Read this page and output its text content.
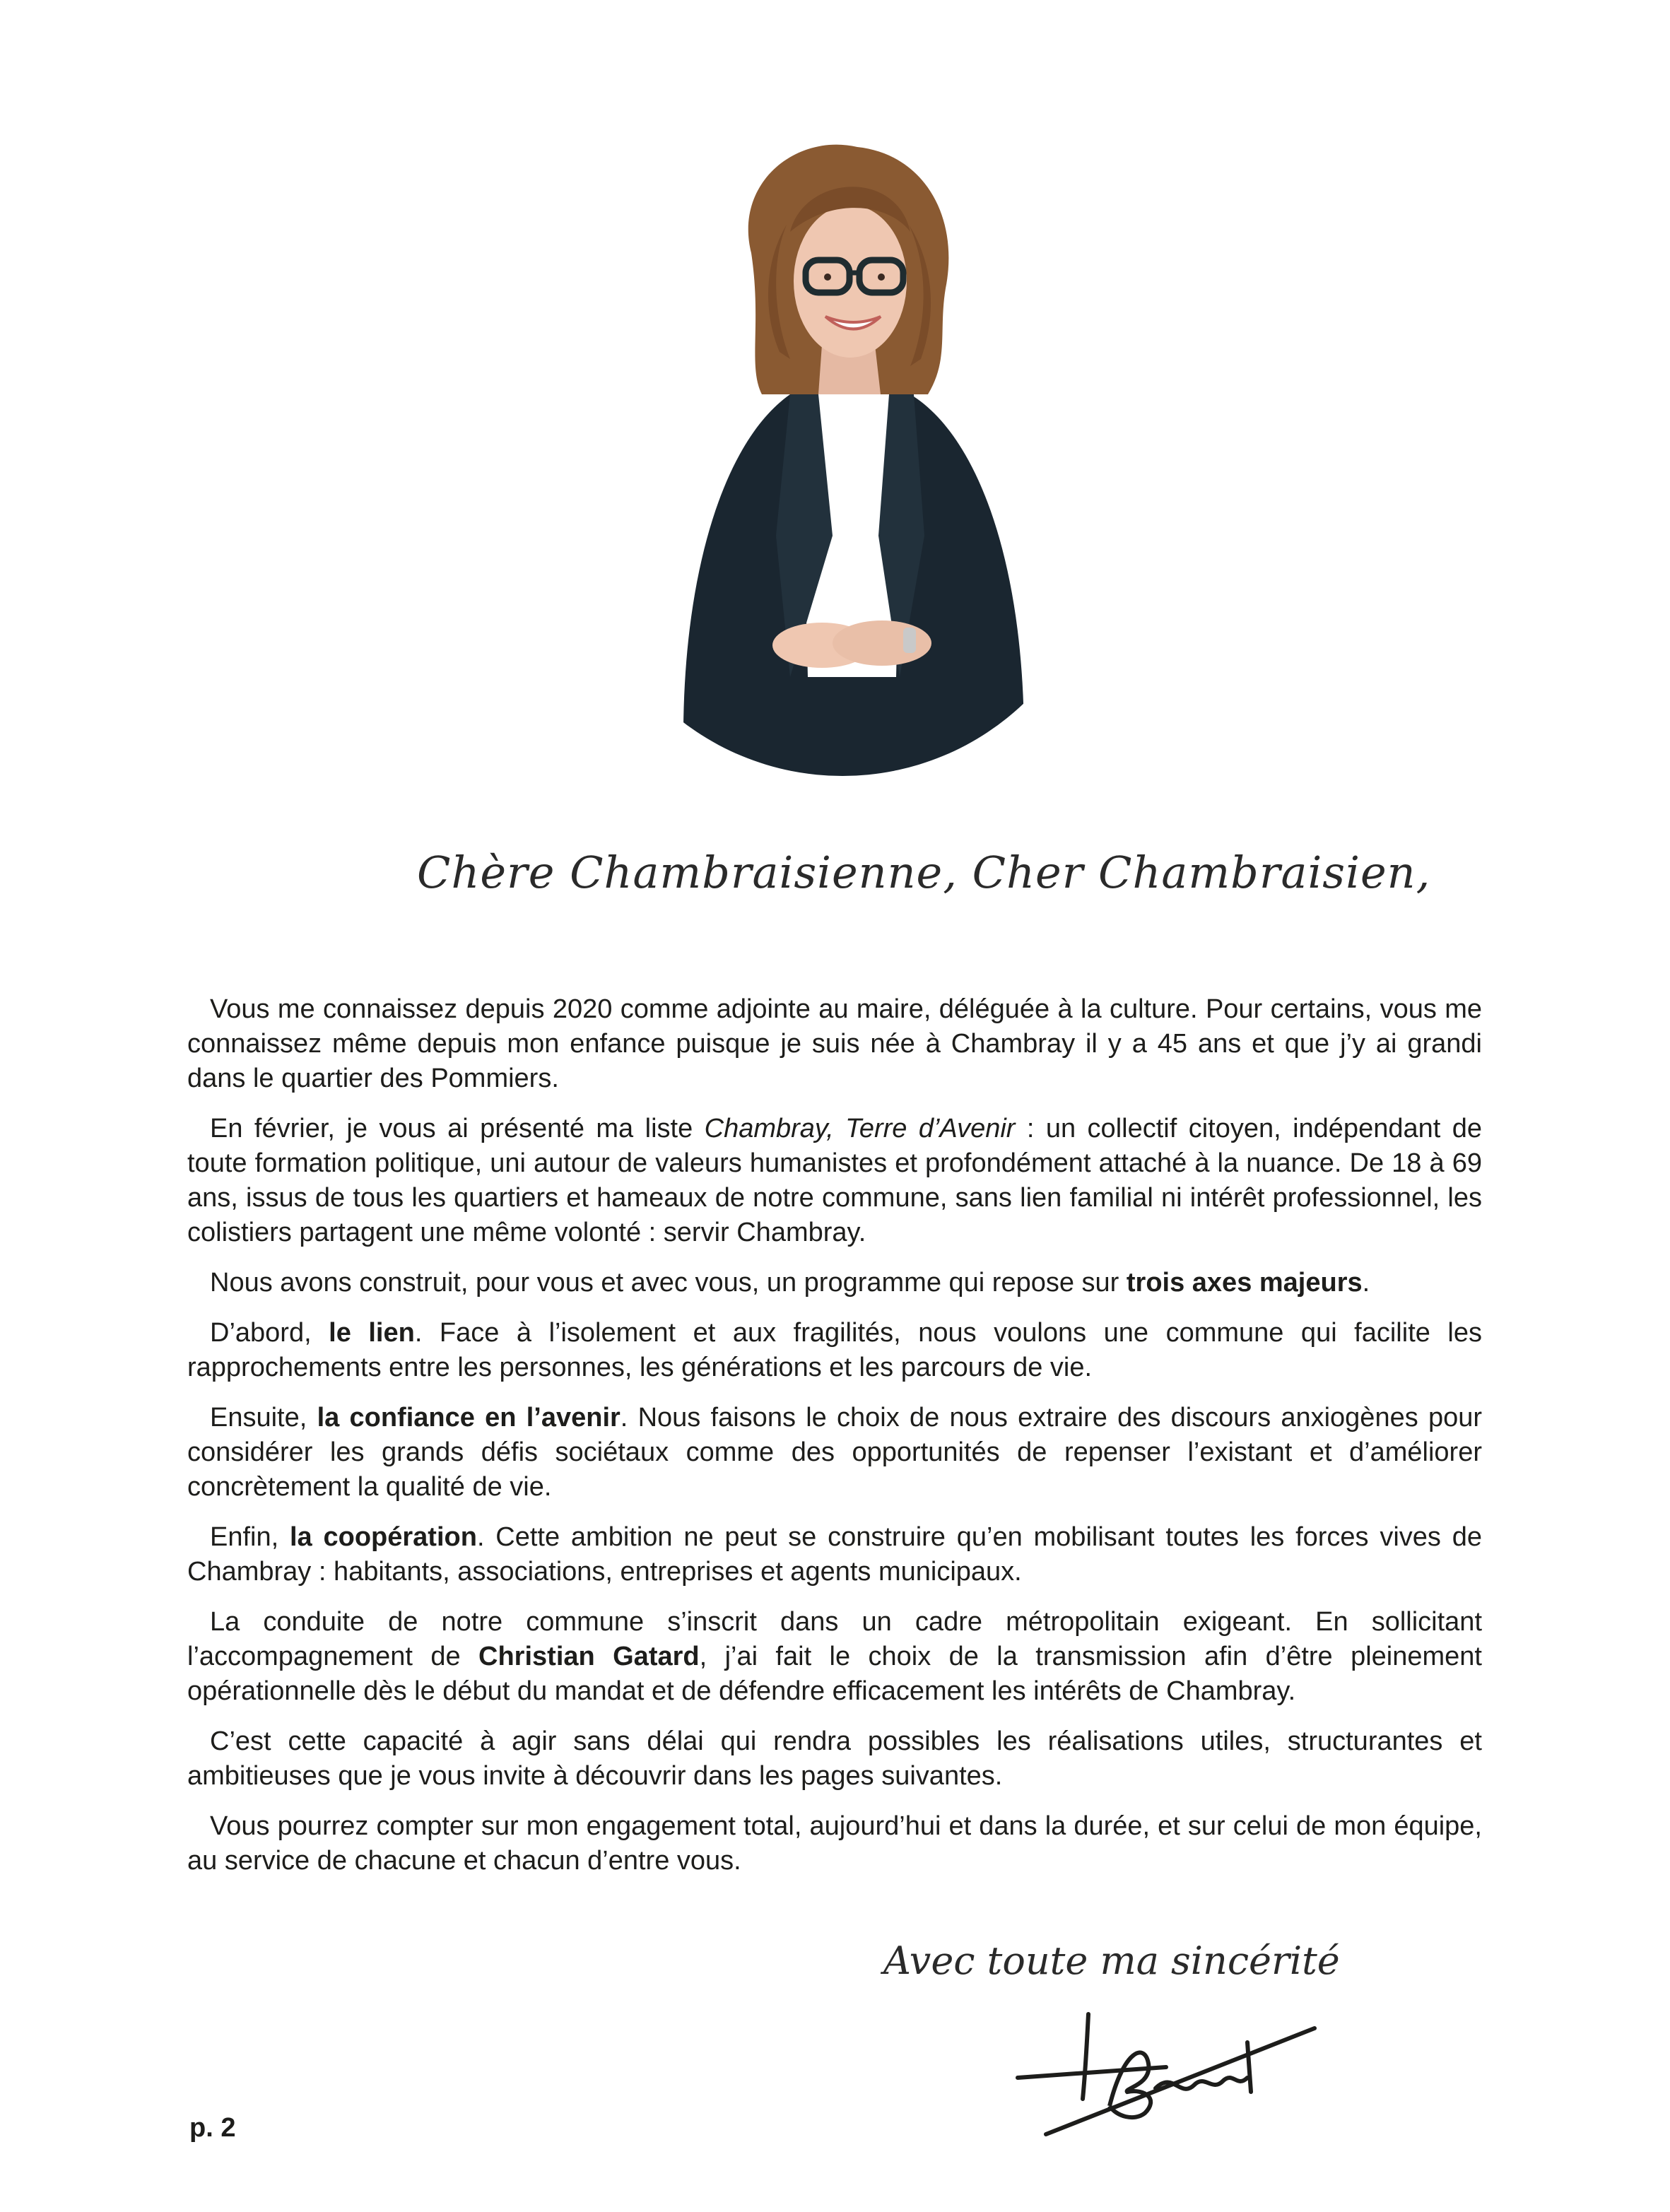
Chère Chambraisienne, Cher Chambraisien,

Vous me connaissez depuis 2020 comme adjointe au maire, déléguée à la culture. Pour certains, vous me connaissez même depuis mon enfance puisque je suis née à Chambray il y a 45 ans et que j’y ai grandi dans le quartier des Pommiers.

En février, je vous ai présenté ma liste Chambray, Terre d’Avenir : un collectif citoyen, indépendant de toute formation politique, uni autour de valeurs humanistes et profondément attaché à la nuance. De 18 à 69 ans, issus de tous les quartiers et hameaux de notre commune, sans lien familial ni intérêt professionnel, les colistiers partagent une même volonté : servir Chambray.

Nous avons construit, pour vous et avec vous, un programme qui repose sur trois axes majeurs.

D’abord, le lien. Face à l’isolement et aux fragilités, nous voulons une commune qui facilite les rapprochements entre les personnes, les générations et les parcours de vie.

Ensuite, la confiance en l’avenir. Nous faisons le choix de nous extraire des discours anxiogènes pour considérer les grands défis sociétaux comme des opportunités de repenser l’existant et d’améliorer concrètement la qualité de vie.

Enfin, la coopération. Cette ambition ne peut se construire qu’en mobilisant toutes les forces vives de Chambray : habitants, associations, entreprises et agents municipaux.

La conduite de notre commune s’inscrit dans un cadre métropolitain exigeant. En sollicitant l’accompagnement de Christian Gatard, j’ai fait le choix de la transmission afin d’être pleinement opérationnelle dès le début du mandat et de défendre efficacement les intérêts de Chambray.

C’est cette capacité à agir sans délai qui rendra possibles les réalisations utiles, structurantes et ambitieuses que je vous invite à découvrir dans les pages suivantes.

Vous pourrez compter sur mon engagement total, aujourd’hui et dans la durée, et sur celui de mon équipe, au service de chacune et chacun d’entre vous.

Avec toute ma sincérité
p. 2
